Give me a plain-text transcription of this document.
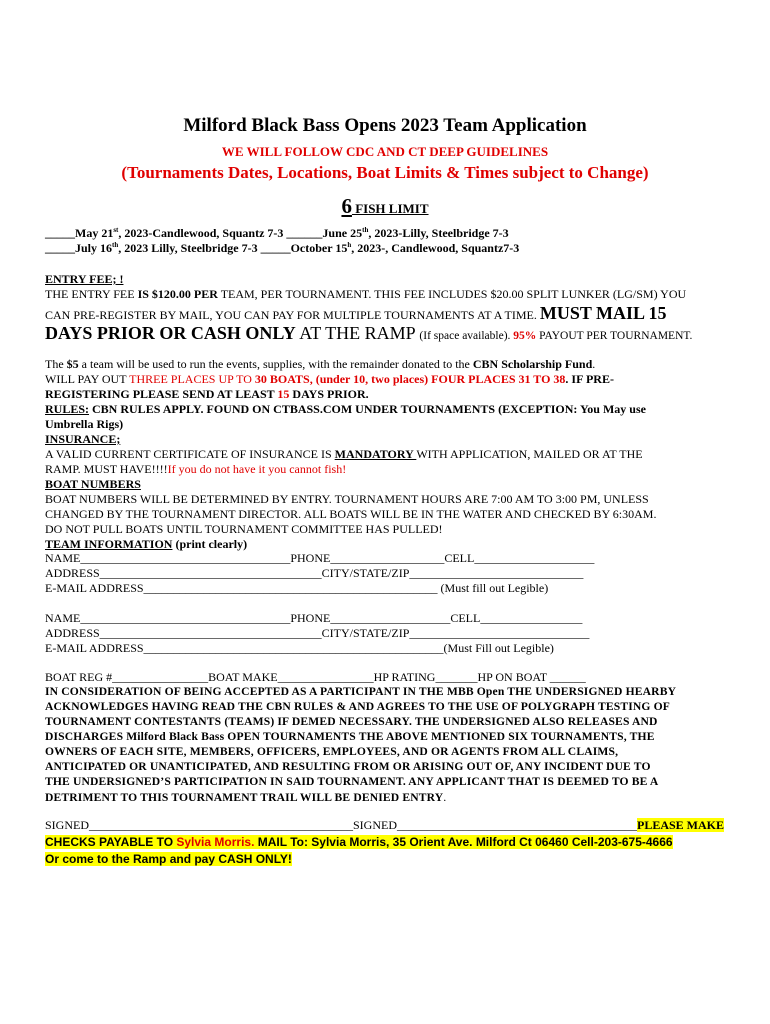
Milford Black Bass Opens 2023 Team Application
WE WILL FOLLOW CDC AND CT DEEP GUIDELINES
(Tournaments Dates, Locations, Boat Limits & Times subject to Change)
6 FISH LIMIT
_____May 21st, 2023-Candlewood, Squantz 7-3 ______June 25th, 2023-Lilly, Steelbridge 7-3
_____July 16th, 2023 Lilly, Steelbridge 7-3 _____October 15$^h$, 2023-, Candlewood, Squantz7-3
ENTRY FEE; !
THE ENTRY FEE IS $120.00 PER TEAM, PER TOURNAMENT. THIS FEE INCLUDES $20.00 SPLIT LUNKER (LG/SM) YOU
CAN PRE-REGISTER BY MAIL, YOU CAN PAY FOR MULTIPLE TOURNAMENTS AT A TIME. MUST MAIL 15
DAYS PRIOR OR CASH ONLY AT THE RAMP (If space available). 95% PAYOUT PER TOURNAMENT.
The $5 a team will be used to run the events, supplies, with the remainder donated to the CBN Scholarship Fund.
WILL PAY OUT THREE PLACES UP TO 30 BOATS, (under 10, two places) FOUR PLACES 31 TO 38. IF PRE-
REGISTERING PLEASE SEND AT LEAST 15 DAYS PRIOR.
RULES: CBN RULES APPLY. FOUND ON CTBASS.COM UNDER TOURNAMENTS (EXCEPTION: You May use
Umbrella Rigs)
INSURANCE;
A VALID CURRENT CERTIFICATE OF INSURANCE IS MANDATORY WITH APPLICATION, MAILED OR AT THE
RAMP. MUST HAVE!!!!If you do not have it you cannot fish!
BOAT NUMBERS
BOAT NUMBERS WILL BE DETERMINED BY ENTRY. TOURNAMENT HOURS ARE 7:00 AM TO 3:00 PM, UNLESS
CHANGED BY THE TOURNAMENT DIRECTOR. ALL BOATS WILL BE IN THE WATER AND CHECKED BY 6:30AM.
DO NOT PULL BOATS UNTIL TOURNAMENT COMMITTEE HAS PULLED!
TEAM INFORMATION (print clearly)
NAME___________________________________PHONE___________________CELL____________________
ADDRESS_____________________________________CITY/STATE/ZIP_____________________________
E-MAIL ADDRESS_________________________________________________ (Must fill out Legible)
NAME___________________________________PHONE____________________CELL_________________
ADDRESS_____________________________________CITY/STATE/ZIP______________________________
E-MAIL ADDRESS__________________________________________________(Must Fill out Legible)
BOAT REG #________________BOAT MAKE________________HP RATING_______HP ON BOAT ______
IN CONSIDERATION OF BEING ACCEPTED AS A PARTICIPANT IN THE MBB Open THE UNDERSIGNED HEARBY
ACKNOWLEDGES HAVING READ THE CBN RULES & AND AGREES TO THE USE OF POLYGRAPH TESTING OF
TOURNAMENT CONTESTANTS (TEAMS) IF DEMED NECESSARY. THE UNDERSIGNED ALSO RELEASES AND
DISCHARGES Milford Black Bass OPEN TOURNAMENTS THE ABOVE MENTIONED SIX TOURNAMENTS, THE
OWNERS OF EACH SITE, MEMBERS, OFFICERS, EMPLOYEES, AND OR AGENTS FROM ALL CLAIMS,
ANTICIPATED OR UNANTICIPATED, AND RESULTING FROM OR ARISING OUT OF, ANY INCIDENT DUE TO
THE UNDERSIGNED’S PARTICIPATION IN SAID TOURNAMENT. ANY APPLICANT THAT IS DEEMED TO BE A
DETRIMENT TO THIS TOURNAMENT TRAIL WILL BE DENIED ENTRY.
SIGNED____________________________________________SIGNED________________________________________PLEASE MAKE
CHECKS PAYABLE TO Sylvia Morris. MAIL To: Sylvia Morris, 35 Orient Ave. Milford Ct 06460 Cell-203-675-4666
Or come to the Ramp and pay CASH ONLY!
